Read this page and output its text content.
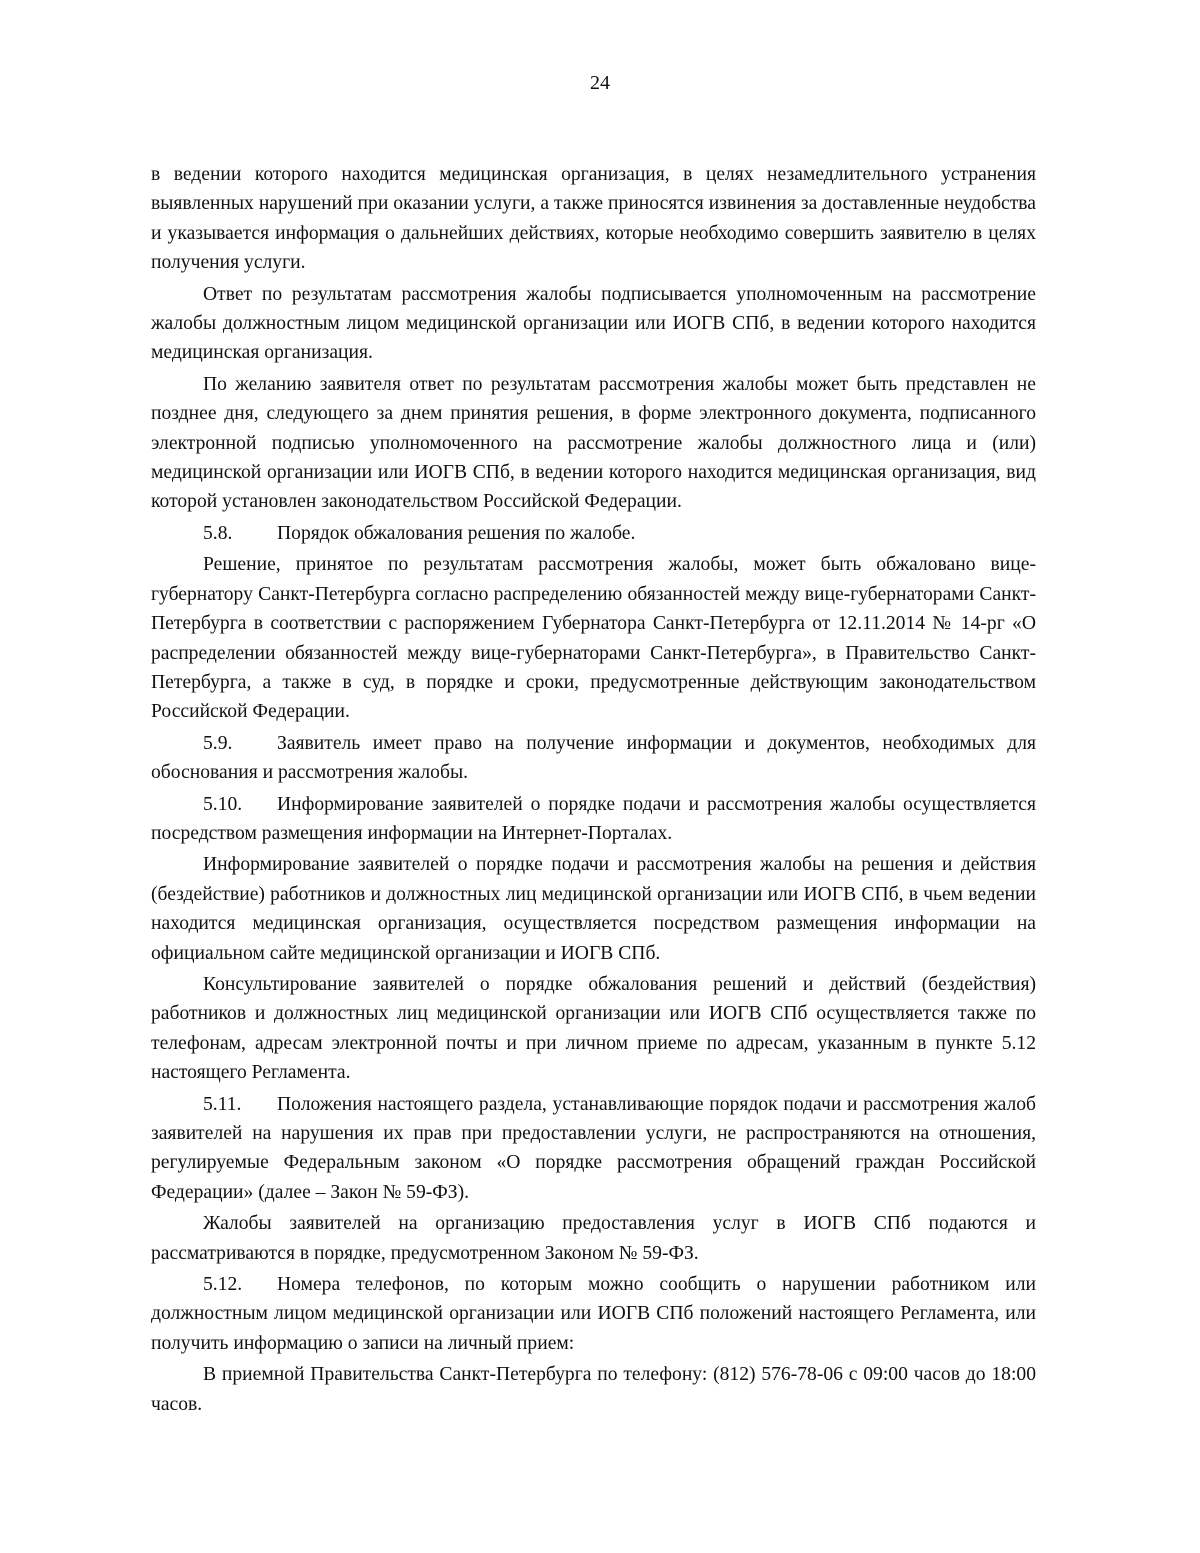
24

в ведении которого находится медицинская организация, в целях незамедлительного устранения выявленных нарушений при оказании услуги, а также приносятся извинения за доставленные неудобства и указывается информация о дальнейших действиях, которые необходимо совершить заявителю в целях получения услуги.

Ответ по результатам рассмотрения жалобы подписывается уполномоченным на рассмотрение жалобы должностным лицом медицинской организации или ИОГВ СПб, в ведении которого находится медицинская организация.

По желанию заявителя ответ по результатам рассмотрения жалобы может быть представлен не позднее дня, следующего за днем принятия решения, в форме электронного документа, подписанного электронной подписью уполномоченного на рассмотрение жалобы должностного лица и (или) медицинской организации или ИОГВ СПб, в ведении которого находится медицинская организация, вид которой установлен законодательством Российской Федерации.

5.8. Порядок обжалования решения по жалобе.

Решение, принятое по результатам рассмотрения жалобы, может быть обжаловано вице-губернатору Санкт-Петербурга согласно распределению обязанностей между вице-губернаторами Санкт-Петербурга в соответствии с распоряжением Губернатора Санкт-Петербурга от 12.11.2014 № 14-рг «О распределении обязанностей между вице-губернаторами Санкт-Петербурга», в Правительство Санкт-Петербурга, а также в суд, в порядке и сроки, предусмотренные действующим законодательством Российской Федерации.

5.9. Заявитель имеет право на получение информации и документов, необходимых для обоснования и рассмотрения жалобы.

5.10. Информирование заявителей о порядке подачи и рассмотрения жалобы осуществляется посредством размещения информации на Интернет-Порталах.

Информирование заявителей о порядке подачи и рассмотрения жалобы на решения и действия (бездействие) работников и должностных лиц медицинской организации или ИОГВ СПб, в чьем ведении находится медицинская организация, осуществляется посредством размещения информации на официальном сайте медицинской организации и ИОГВ СПб.

Консультирование заявителей о порядке обжалования решений и действий (бездействия) работников и должностных лиц медицинской организации или ИОГВ СПб осуществляется также по телефонам, адресам электронной почты и при личном приеме по адресам, указанным в пункте 5.12 настоящего Регламента.

5.11. Положения настоящего раздела, устанавливающие порядок подачи и рассмотрения жалоб заявителей на нарушения их прав при предоставлении услуги, не распространяются на отношения, регулируемые Федеральным законом «О порядке рассмотрения обращений граждан Российской Федерации» (далее – Закон № 59-ФЗ).

Жалобы заявителей на организацию предоставления услуг в ИОГВ СПб подаются и рассматриваются в порядке, предусмотренном Законом № 59-ФЗ.

5.12. Номера телефонов, по которым можно сообщить о нарушении работником или должностным лицом медицинской организации или ИОГВ СПб положений настоящего Регламента, или получить информацию о записи на личный прием:

В приемной Правительства Санкт-Петербурга по телефону: (812) 576-78-06 с 09:00 часов до 18:00 часов.
